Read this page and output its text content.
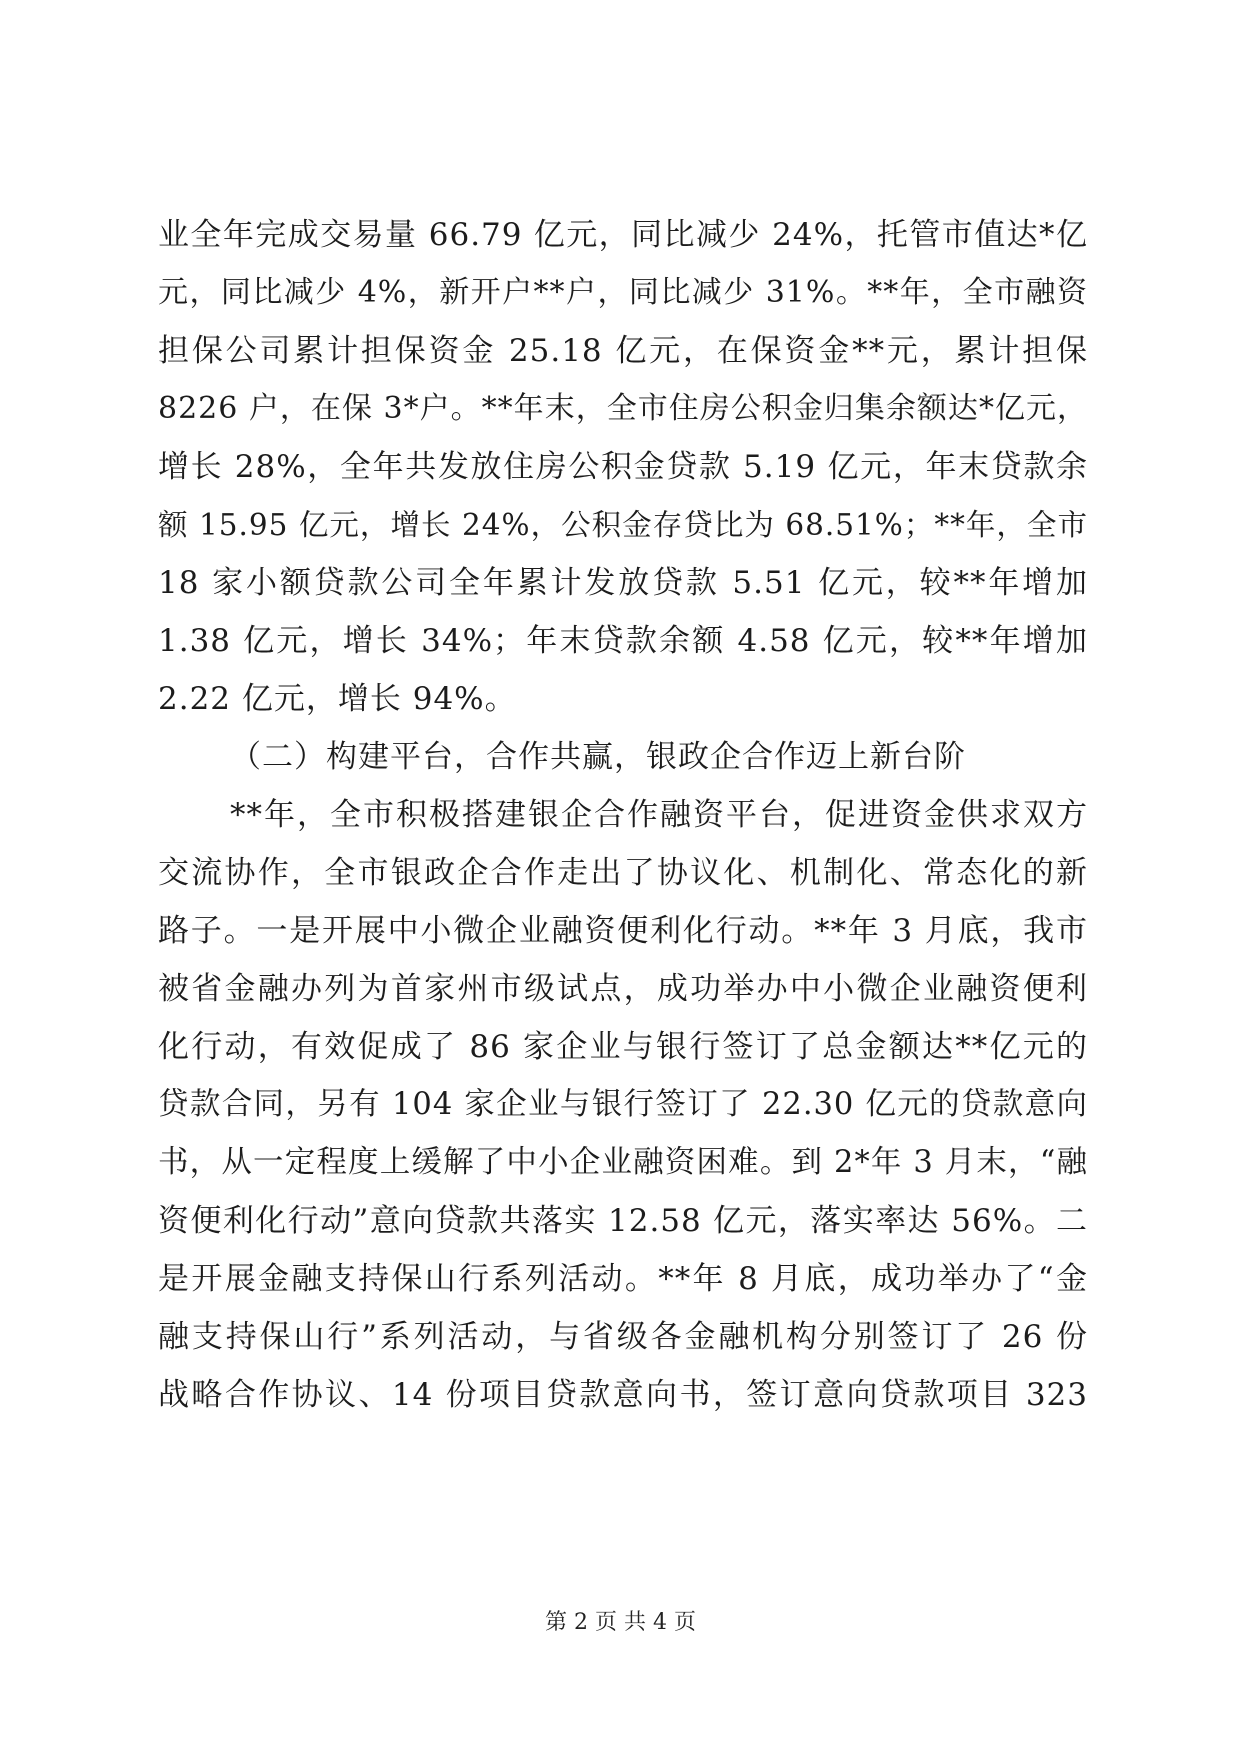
业全年完成交易量 66.79 亿元，同比减少 24%，托管市值达*亿
元，同比减少 4%，新开户**户，同比减少 31%。**年，全市融资
担保公司累计担保资金 25.18 亿元，在保资金**元，累计担保
8226 户，在保 3*户。**年末，全市住房公积金归集余额达*亿元，
增长 28%，全年共发放住房公积金贷款 5.19 亿元，年末贷款余
额 15.95 亿元，增长 24%，公积金存贷比为 68.51%；**年，全市
18 家小额贷款公司全年累计发放贷款 5.51 亿元，较**年增加
1.38 亿元，增长 34%；年末贷款余额 4.58 亿元，较**年增加
2.22 亿元，增长 94%。
（二）构建平台，合作共赢，银政企合作迈上新台阶
**年，全市积极搭建银企合作融资平台，促进资金供求双方
交流协作，全市银政企合作走出了协议化、机制化、常态化的新
路子。一是开展中小微企业融资便利化行动。**年 3 月底，我市
被省金融办列为首家州市级试点，成功举办中小微企业融资便利
化行动，有效促成了 86 家企业与银行签订了总金额达**亿元的
贷款合同，另有 104 家企业与银行签订了 22.30 亿元的贷款意向
书，从一定程度上缓解了中小企业融资困难。到 2*年 3 月末，“融
资便利化行动”意向贷款共落实 12.58 亿元，落实率达 56%。二
是开展金融支持保山行系列活动。**年 8 月底，成功举办了“金
融支持保山行”系列活动，与省级各金融机构分别签订了 26 份
战略合作协议、14 份项目贷款意向书，签订意向贷款项目 323
第 2 页 共 4 页
